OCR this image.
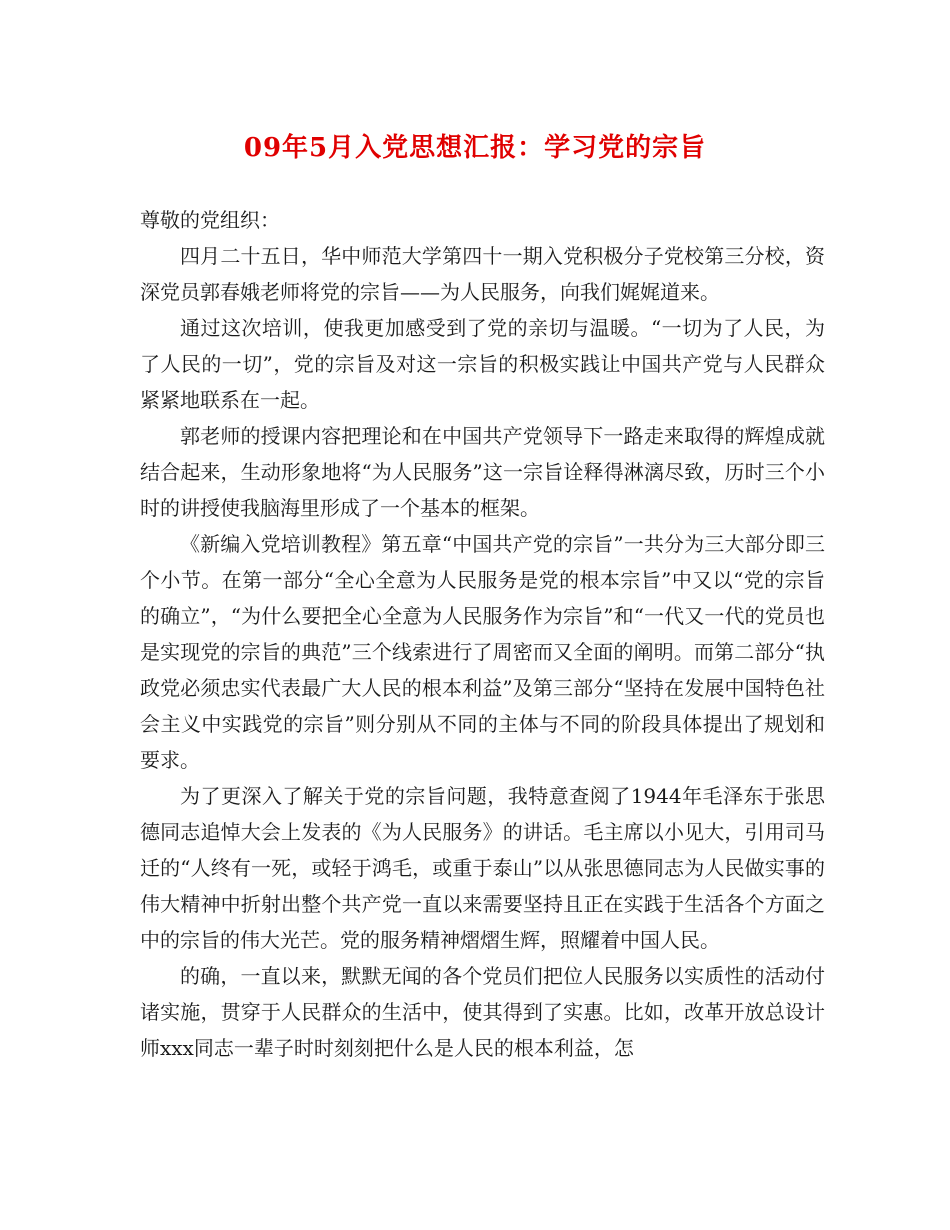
09年5月入党思想汇报：学习党的宗旨

尊敬的党组织：

四月二十五日，华中师范大学第四十一期入党积极分子党校第三分校，资深党员郭春娥老师将党的宗旨——为人民服务，向我们娓娓道来。

通过这次培训，使我更加感受到了党的亲切与温暖。“一切为了人民，为了人民的一切”，党的宗旨及对这一宗旨的积极实践让中国共产党与人民群众紧紧地联系在一起。

郭老师的授课内容把理论和在中国共产党领导下一路走来取得的辉煌成就结合起来，生动形象地将“为人民服务”这一宗旨诠释得淋漓尽致，历时三个小时的讲授使我脑海里形成了一个基本的框架。

《新编入党培训教程》第五章“中国共产党的宗旨”一共分为三大部分即三个小节。在第一部分“全心全意为人民服务是党的根本宗旨”中又以“党的宗旨的确立”，“为什么要把全心全意为人民服务作为宗旨”和“一代又一代的党员也是实现党的宗旨的典范”三个线索进行了周密而又全面的阐明。而第二部分“执政党必须忠实代表最广大人民的根本利益”及第三部分“坚持在发展中国特色社会主义中实践党的宗旨”则分别从不同的主体与不同的阶段具体提出了规划和要求。

为了更深入了解关于党的宗旨问题，我特意查阅了1944年毛泽东于张思德同志追悼大会上发表的《为人民服务》的讲话。毛主席以小见大，引用司马迁的“人终有一死，或轻于鸿毛，或重于泰山”以从张思德同志为人民做实事的伟大精神中折射出整个共产党一直以来需要坚持且正在实践于生活各个方面之中的宗旨的伟大光芒。党的服务精神熠熠生辉，照耀着中国人民。

的确，一直以来，默默无闻的各个党员们把位人民服务以实质性的活动付诸实施，贯穿于人民群众的生活中，使其得到了实惠。比如，改革开放总设计师xxx同志一辈子时时刻刻把什么是人民的根本利益，怎
